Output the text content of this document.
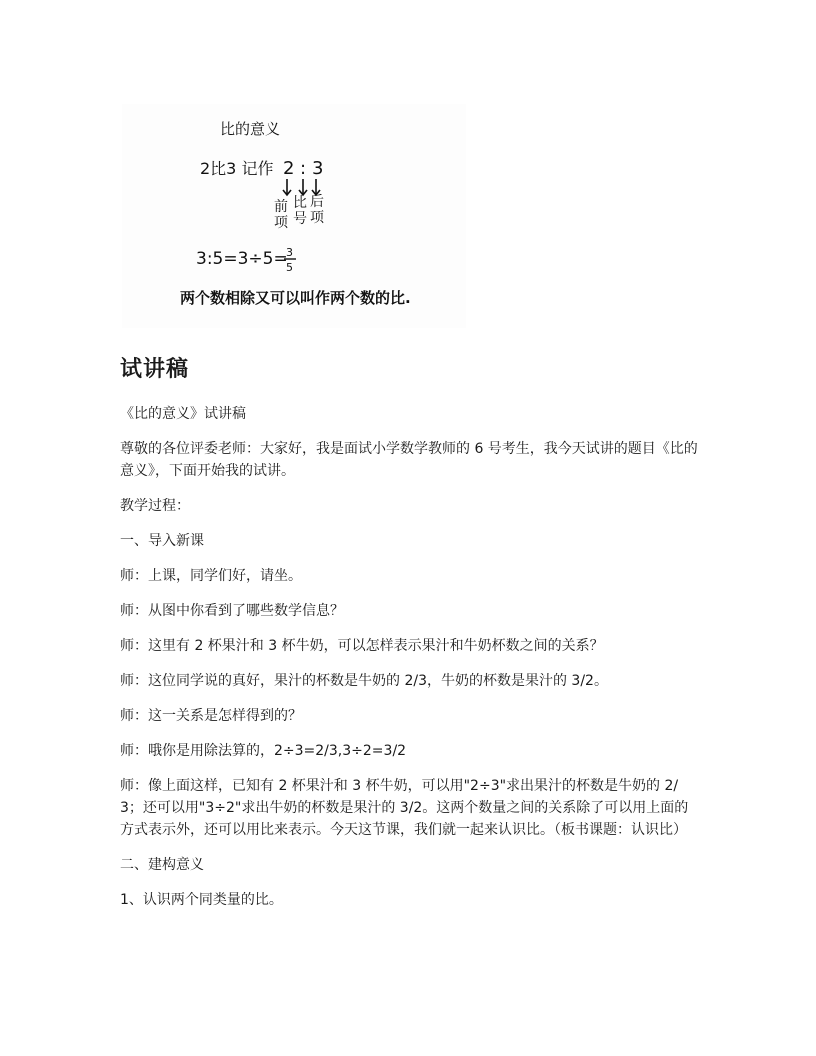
比的意义
2比3 记作 2 : 3
前
项
比
号
后
项
3:5=3÷5=
3
5
两个数相除又可以叫作两个数的比.
试讲稿

《比的意义》试讲稿

尊敬的各位评委老师：大家好，我是面试小学数学教师的 6 号考生，我今天试讲的题目《比的意义》，下面开始我的试讲。

教学过程：

一、导入新课

师：上课，同学们好，请坐。

师：从图中你看到了哪些数学信息？

师：这里有 2 杯果汁和 3 杯牛奶，可以怎样表示果汁和牛奶杯数之间的关系？

师：这位同学说的真好，果汁的杯数是牛奶的 2/3，牛奶的杯数是果汁的 3/2。

师：这一关系是怎样得到的？

师：哦你是用除法算的，2÷3=2/3,3÷2=3/2

师：像上面这样，已知有 2 杯果汁和 3 杯牛奶，可以用"2÷3"求出果汁的杯数是牛奶的 2/3；还可以用"3÷2"求出牛奶的杯数是果汁的 3/2。这两个数量之间的关系除了可以用上面的方式表示外，还可以用比来表示。今天这节课，我们就一起来认识比。（板书课题：认识比）

二、建构意义

1、认识两个同类量的比。
